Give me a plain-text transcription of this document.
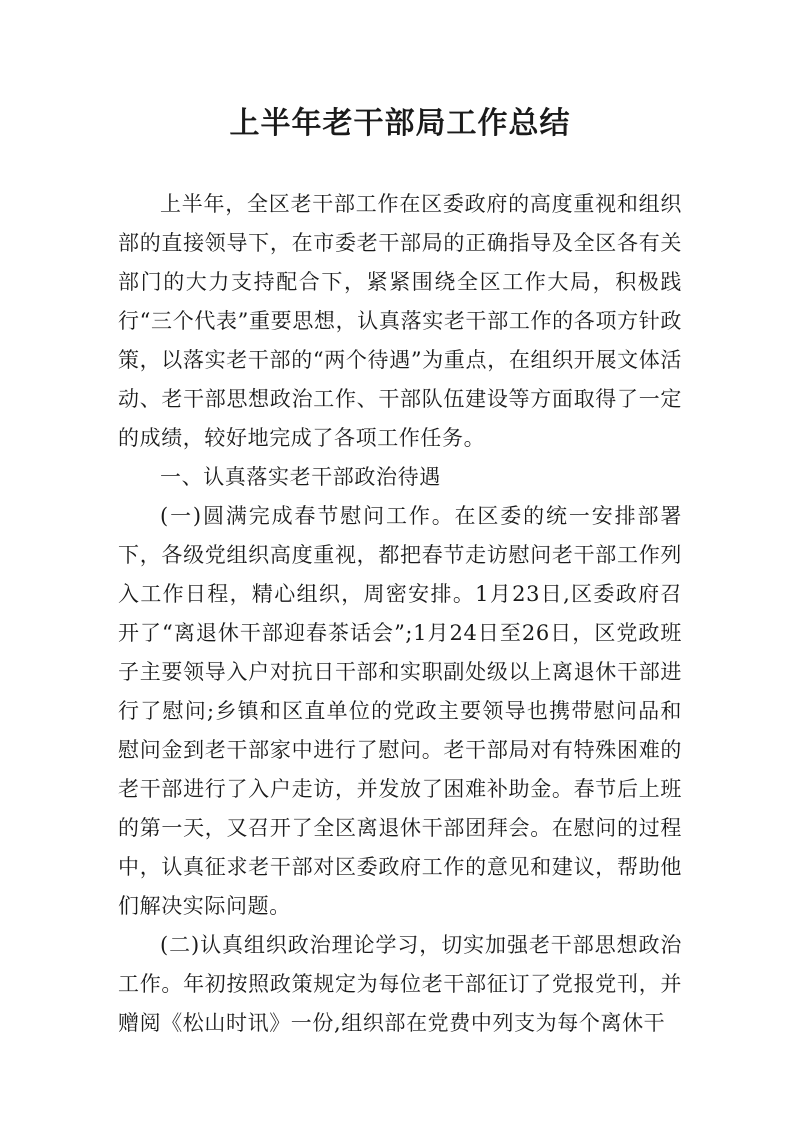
上半年老干部局工作总结

上半年，全区老干部工作在区委政府的高度重视和组织部的直接领导下，在市委老干部局的正确指导及全区各有关部门的大力支持配合下，紧紧围绕全区工作大局，积极践行“三个代表”重要思想，认真落实老干部工作的各项方针政策，以落实老干部的“两个待遇”为重点，在组织开展文体活动、老干部思想政治工作、干部队伍建设等方面取得了一定的成绩，较好地完成了各项工作任务。

一、认真落实老干部政治待遇

(一)圆满完成春节慰问工作。在区委的统一安排部署下，各级党组织高度重视，都把春节走访慰问老干部工作列入工作日程，精心组织，周密安排。1月23日,区委政府召开了“离退休干部迎春茶话会”;1月24日至26日，区党政班子主要领导入户对抗日干部和实职副处级以上离退休干部进行了慰问;乡镇和区直单位的党政主要领导也携带慰问品和慰问金到老干部家中进行了慰问。老干部局对有特殊困难的老干部进行了入户走访，并发放了困难补助金。春节后上班的第一天，又召开了全区离退休干部团拜会。在慰问的过程中，认真征求老干部对区委政府工作的意见和建议，帮助他们解决实际问题。

(二)认真组织政治理论学习，切实加强老干部思想政治工作。年初按照政策规定为每位老干部征订了党报党刊，并赠阅《松山时讯》一份,组织部在党费中列支为每个离休干
